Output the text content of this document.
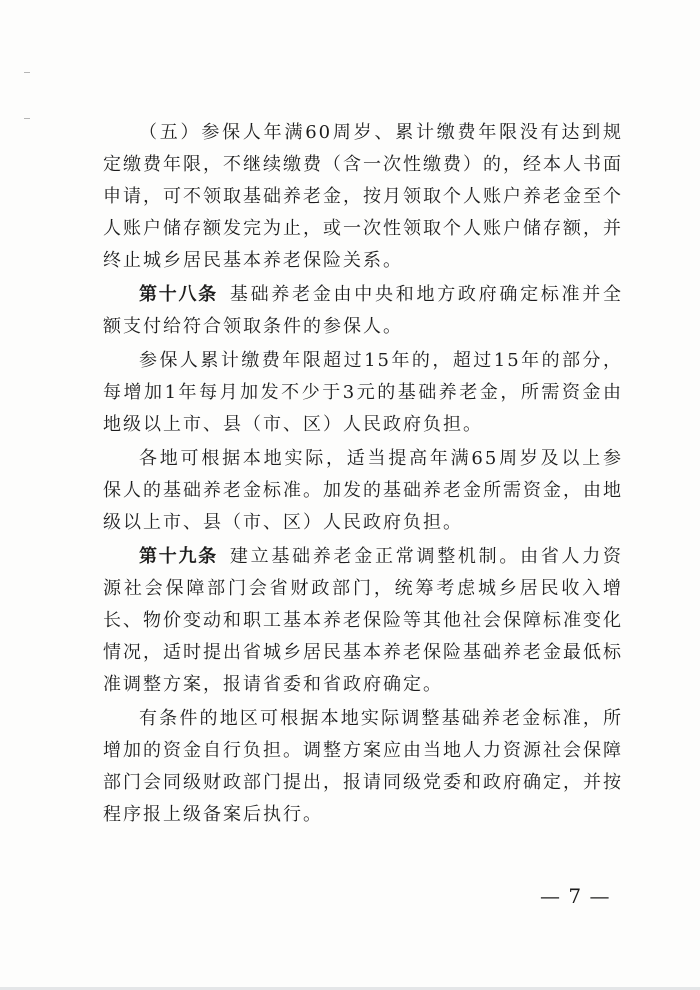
（五）参保人年满60周岁、累计缴费年限没有达到规定缴费年限，不继续缴费（含一次性缴费）的，经本人书面申请，可不领取基础养老金，按月领取个人账户养老金至个人账户储存额发完为止，或一次性领取个人账户储存额，并终止城乡居民基本养老保险关系。

第十八条 基础养老金由中央和地方政府确定标准并全额支付给符合领取条件的参保人。

参保人累计缴费年限超过15年的，超过15年的部分，每增加1年每月加发不少于3元的基础养老金，所需资金由地级以上市、县（市、区）人民政府负担。

各地可根据本地实际，适当提高年满65周岁及以上参保人的基础养老金标准。加发的基础养老金所需资金，由地级以上市、县（市、区）人民政府负担。

第十九条 建立基础养老金正常调整机制。由省人力资源社会保障部门会省财政部门，统筹考虑城乡居民收入增长、物价变动和职工基本养老保险等其他社会保障标准变化情况，适时提出省城乡居民基本养老保险基础养老金最低标准调整方案，报请省委和省政府确定。

有条件的地区可根据本地实际调整基础养老金标准，所增加的资金自行负担。调整方案应由当地人力资源社会保障部门会同级财政部门提出，报请同级党委和政府确定，并按程序报上级备案后执行。

— 7 —
